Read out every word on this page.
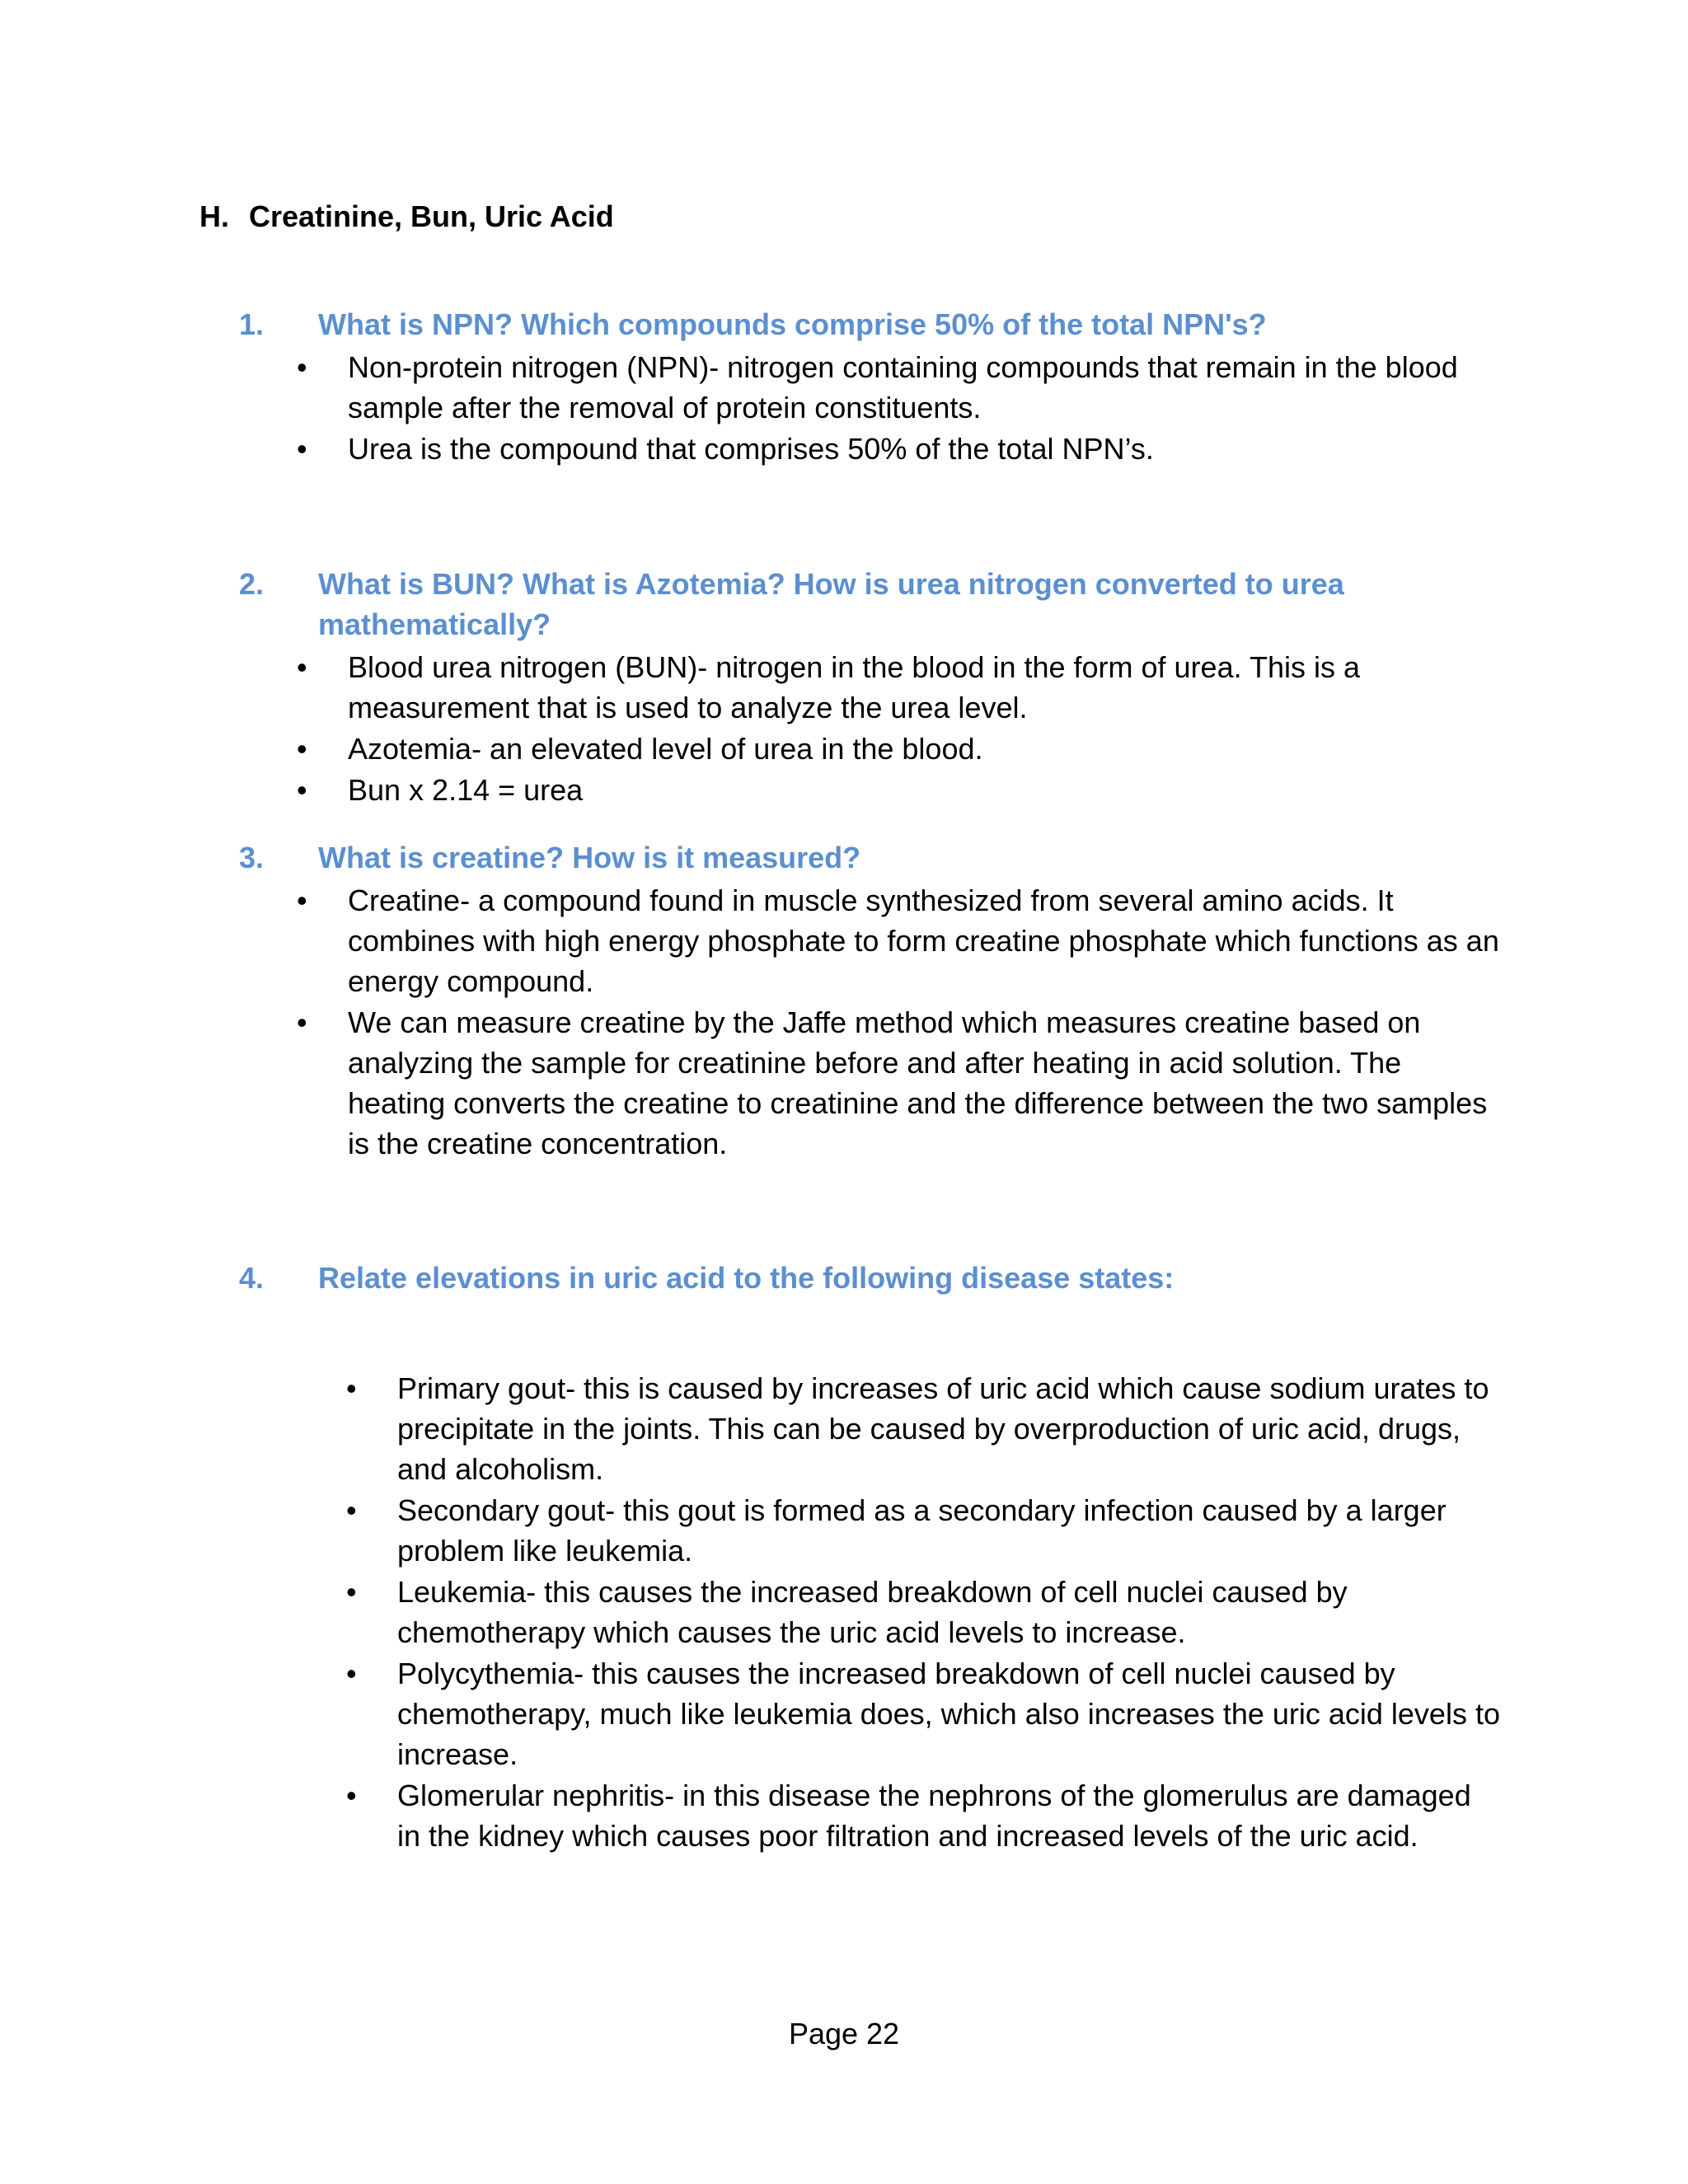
H. Creatinine, Bun, Uric Acid
1. What is NPN? Which compounds comprise 50% of the total NPN's?
• Non-protein nitrogen (NPN)- nitrogen containing compounds that remain in the blood sample after the removal of protein constituents.
• Urea is the compound that comprises 50% of the total NPN’s.
2. What is BUN? What is Azotemia? How is urea nitrogen converted to urea mathematically?
• Blood urea nitrogen (BUN)- nitrogen in the blood in the form of urea. This is a measurement that is used to analyze the urea level.
• Azotemia- an elevated level of urea in the blood.
• Bun x 2.14 = urea
3. What is creatine? How is it measured?
• Creatine- a compound found in muscle synthesized from several amino acids. It combines with high energy phosphate to form creatine phosphate which functions as an energy compound.
• We can measure creatine by the Jaffe method which measures creatine based on analyzing the sample for creatinine before and after heating in acid solution. The heating converts the creatine to creatinine and the difference between the two samples is the creatine concentration.
4. Relate elevations in uric acid to the following disease states:
• Primary gout- this is caused by increases of uric acid which cause sodium urates to precipitate in the joints. This can be caused by overproduction of uric acid, drugs, and alcoholism.
• Secondary gout- this gout is formed as a secondary infection caused by a larger problem like leukemia.
• Leukemia- this causes the increased breakdown of cell nuclei caused by chemotherapy which causes the uric acid levels to increase.
• Polycythemia- this causes the increased breakdown of cell nuclei caused by chemotherapy, much like leukemia does, which also increases the uric acid levels to increase.
• Glomerular nephritis- in this disease the nephrons of the glomerulus are damaged in the kidney which causes poor filtration and increased levels of the uric acid.
Page 22
